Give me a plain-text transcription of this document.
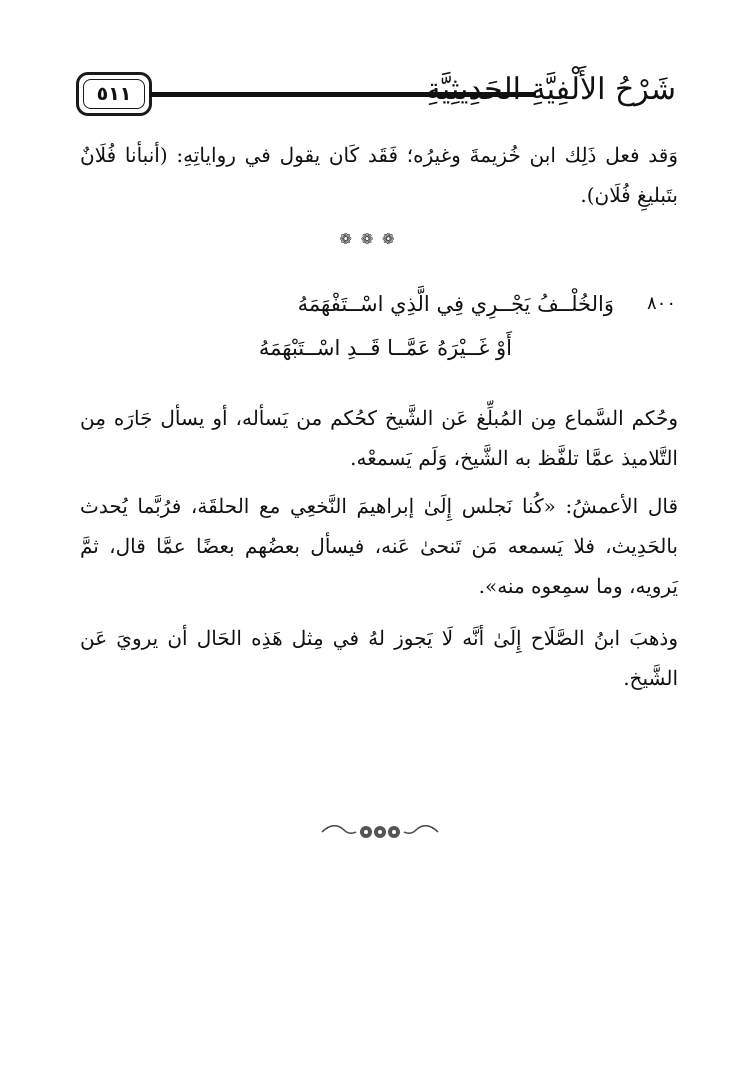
٥١١	شَرْحُ الأَلْفِيَّةِ الحَدِيثِيَّةِ
وَقد فعل ذَلِك ابن خُزيمةَ وغيرُه؛ فَقَد كَان يقول في رواياتِهِ: (أنبأنا فُلَانٌ بتَبليغِ فُلَان).
❁ ❁ ❁
٨٠٠
وَالخُلْــفُ يَجْــرِي فِي الَّذِي اسْــتَفْهَمَهُ
أَوْ غَــيْرَهُ عَمَّــا قَــدِ اسْــتَبْهَمَهُ
وحُكم السَّماع مِن المُبلِّغ عَن الشَّيخ كحُكم من يَسأله، أو يسأل جَارَه مِن التَّلاميذ عمَّا تلفَّظ به الشَّيخ، وَلَم يَسمعْه.
قال الأعمشُ: «كُنا نَجلس إِلَىٰ إبراهيمَ النَّخعِي مع الحلقَة، فرُبَّما يُحدث بالحَدِيث، فلا يَسمعه مَن تَنحىٰ عَنه، فيسأل بعضُهم بعضًا عمَّا قال، ثمَّ يَرويه، وما سمِعوه منه».
وذهبَ ابنُ الصَّلَاح إِلَىٰ أنَّه لَا يَجوز لهُ في مِثل هَذِه الحَال أن يرويَ عَن الشَّيخ.
